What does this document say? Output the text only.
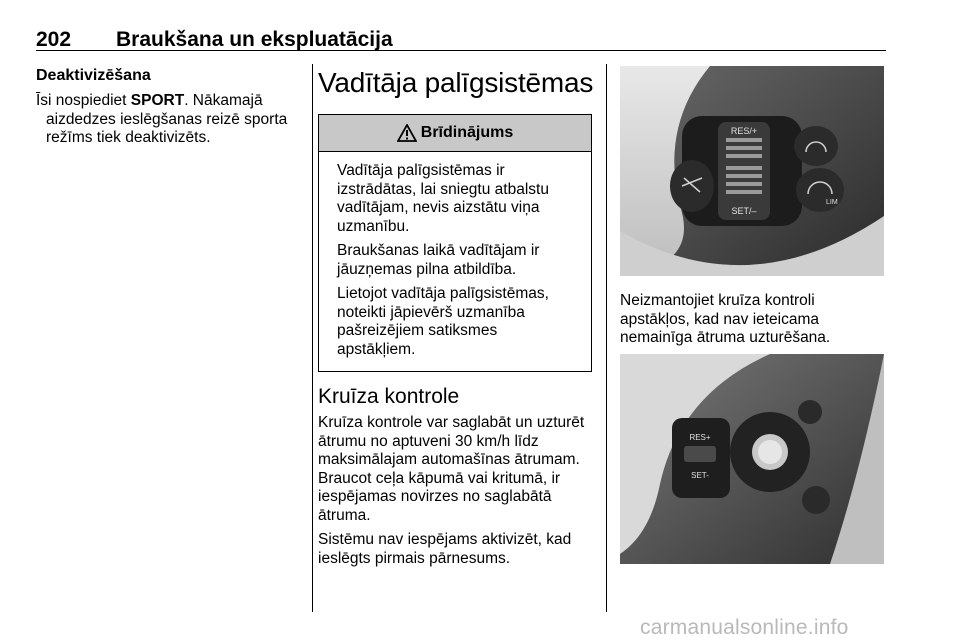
202 Braukšana un ekspluatācija
Deaktivizēšana
Īsi nospiediet SPORT. Nākamajā aizdedzes ieslēgšanas reizē sporta režīms tiek deaktivizēts.
Vadītāja palīgsistēmas
Brīdinājums
Vadītāja palīgsistēmas ir izstrādātas, lai sniegtu atbalstu vadītājam, nevis aizstātu viņa uzmanību.
Braukšanas laikā vadītājam ir jāuzņemas pilna atbildība.
Lietojot vadītāja palīgsistēmas, noteikti jāpievērš uzmanība pašreizējiem satiksmes apstākļiem.
Kruīza kontrole
Kruīza kontrole var saglabāt un uzturēt ātrumu no aptuveni 30 km/h līdz maksimālajam automašīnas ātrumam. Braucot ceļa kāpumā vai kritumā, ir iespējamas novirzes no saglabātā ātruma.
Sistēmu nav iespējams aktivizēt, kad ieslēgts pirmais pārnesums.
RES/+
SET/–
LIM
Neizmantojiet kruīza kontroli apstākļos, kad nav ieteicama nemainīga ātruma uzturēšana.
RES+
SET-
carmanualsonline.info
